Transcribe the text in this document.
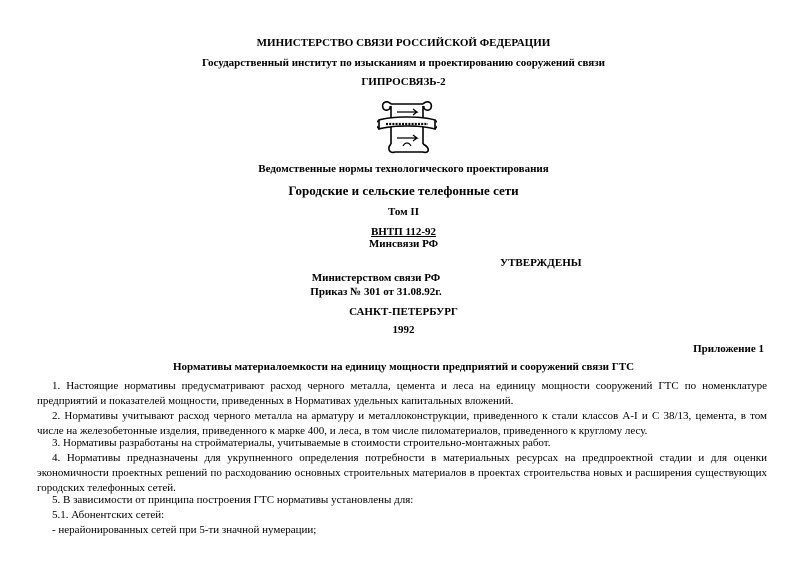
МИНИСТЕРСТВО СВЯЗИ РОССИЙСКОЙ ФЕДЕРАЦИИ
Государственный институт по изысканиям и проектированию сооружений связи
ГИПРОСВЯЗЬ-2
Ведомственные нормы технологического проектирования
Городские и сельские телефонные сети
Том II
ВНТП 112-92
Минсвязи РФ
УТВЕРЖДЕНЫ
Министерством связи РФ
Приказ № 301 от 31.08.92г.
САНКТ-ПЕТЕРБУРГ
1992
Приложение 1
Нормативы материалоемкости на единицу мощности предприятий и сооружений связи ГТС
1. Настоящие нормативы предусматривают расход черного металла, цемента и леса на единицу мощности сооружений ГТС по номенклатуре предприятий и показателей мощности, приведенных в Нормативах удельных капитальных вложений.
2. Нормативы учитывают расход черного металла на арматуру и металлоконструкции, приведенного к стали классов А-I и С 38/13, цемента, в том числе на железобетонные изделия, приведенного к марке 400, и леса, в том числе пиломатериалов, приведенного к круглому лесу.
3. Нормативы разработаны на стройматериалы, учитываемые в стоимости строительно-монтажных работ.
4. Нормативы предназначены для укрупненного определения потребности в материальных ресурсах на предпроектной стадии и для оценки экономичности проектных решений по расходованию основных строительных материалов в проектах строительства новых и расширения существующих городских телефонных сетей.
5. В зависимости от принципа построения ГТС нормативы установлены для:
5.1. Абонентских сетей:
- нерайонированных сетей при 5-ти значной нумерации;
